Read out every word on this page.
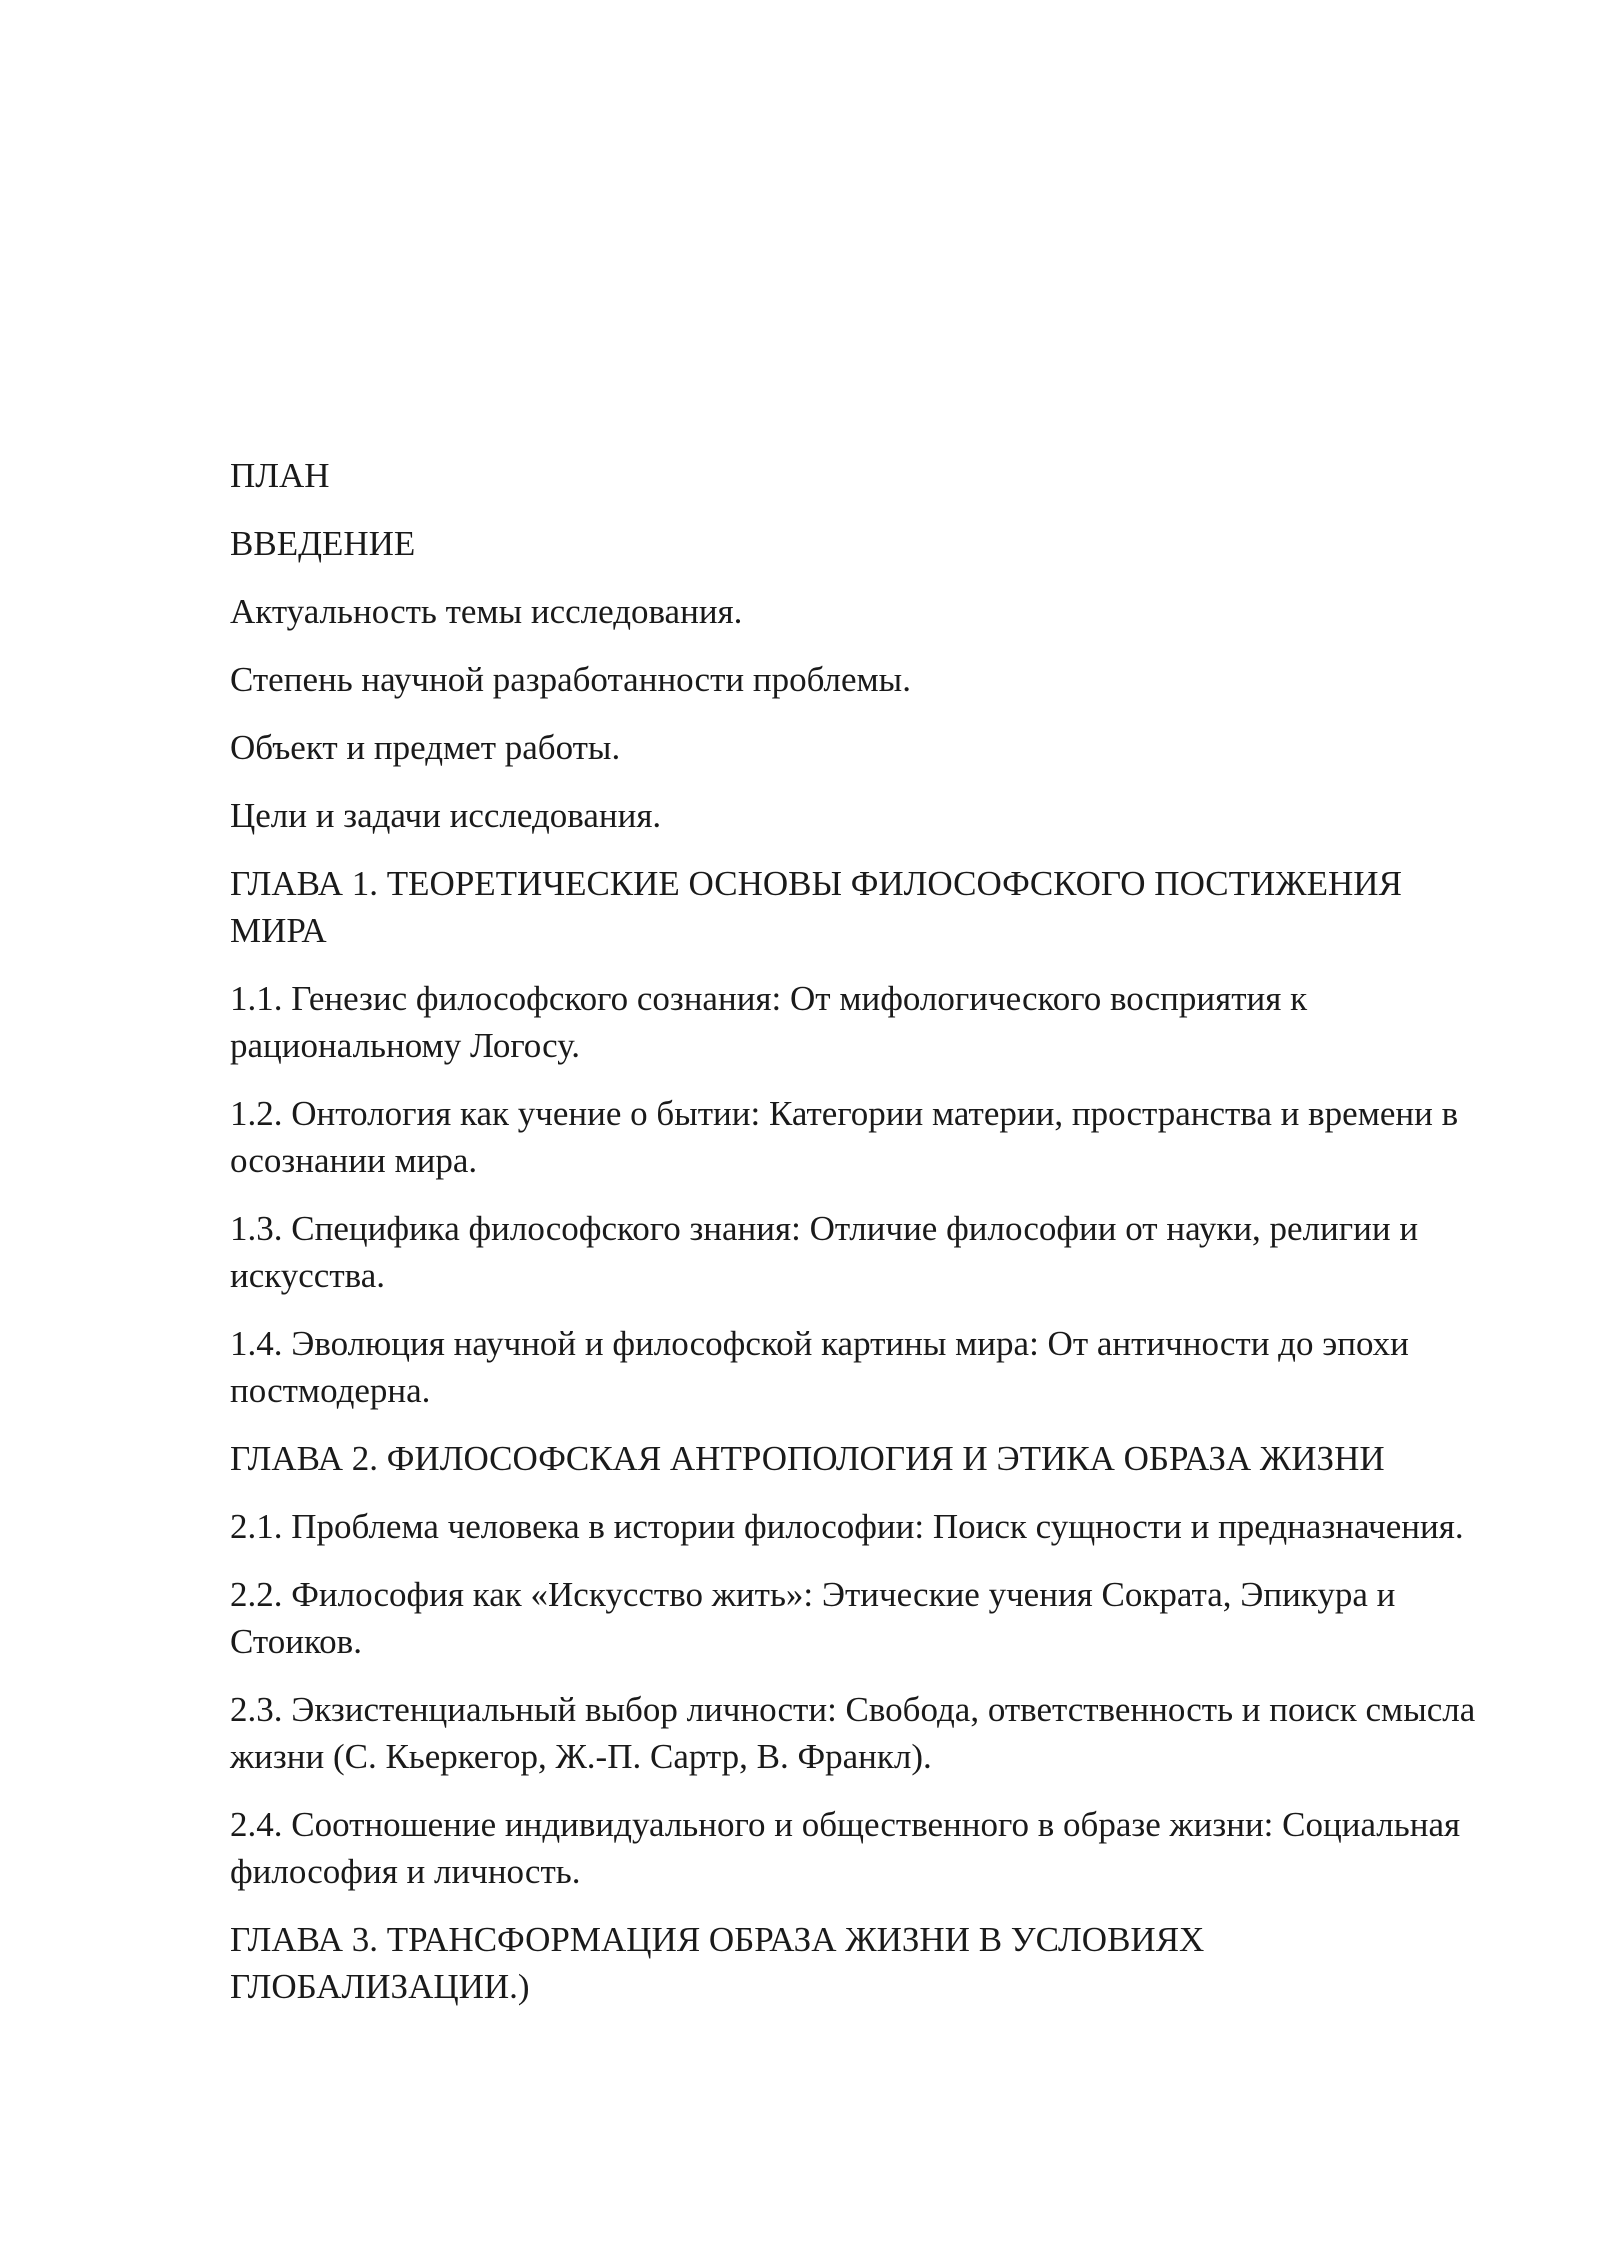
ПЛАН

ВВЕДЕНИЕ

Актуальность темы исследования.

Степень научной разработанности проблемы.

Объект и предмет работы.

Цели и задачи исследования.

ГЛАВА 1. ТЕОРЕТИЧЕСКИЕ ОСНОВЫ ФИЛОСОФСКОГО ПОСТИЖЕНИЯ МИРА

1.1. Генезис философского сознания: От мифологического восприятия к рациональному Логосу.

1.2. Онтология как учение о бытии: Категории материи, пространства и времени в осознании мира.

1.3. Специфика философского знания: Отличие философии от науки, религии и искусства.

1.4. Эволюция научной и философской картины мира: От античности до эпохи постмодерна.

ГЛАВА 2. ФИЛОСОФСКАЯ АНТРОПОЛОГИЯ И ЭТИКА ОБРАЗА ЖИЗНИ

2.1. Проблема человека в истории философии: Поиск сущности и предназначения.

2.2. Философия как «Искусство жить»: Этические учения Сократа, Эпикура и Стоиков.

2.3. Экзистенциальный выбор личности: Свобода, ответственность и поиск смысла жизни (С. Кьеркегор, Ж.-П. Сартр, В. Франкл).

2.4. Соотношение индивидуального и общественного в образе жизни: Социальная философия и личность.

ГЛАВА 3. ТРАНСФОРМАЦИЯ ОБРАЗА ЖИЗНИ В УСЛОВИЯХ ГЛОБАЛИЗАЦИИ.)
